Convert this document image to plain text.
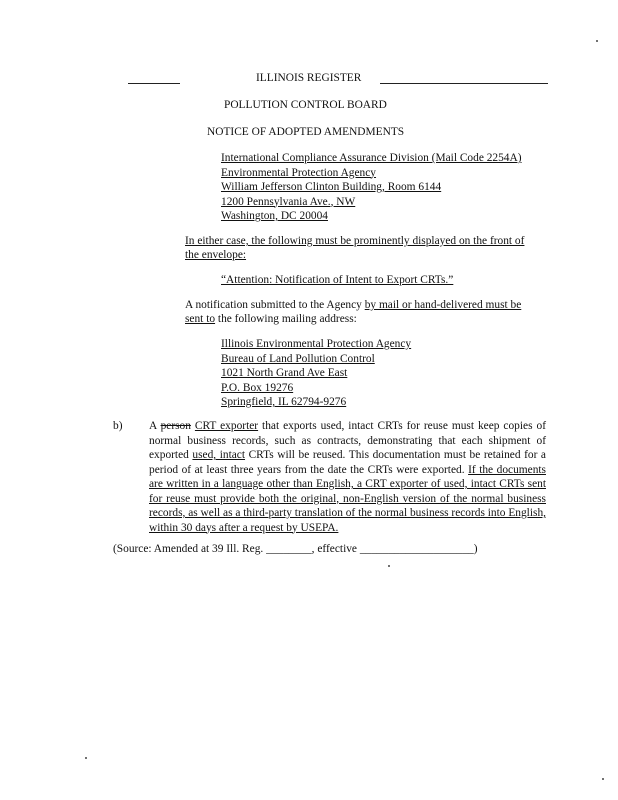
ILLINOIS REGISTER
POLLUTION CONTROL BOARD
NOTICE OF ADOPTED AMENDMENTS
International Compliance Assurance Division (Mail Code 2254A)
Environmental Protection Agency
William Jefferson Clinton Building, Room 6144
1200 Pennsylvania Ave., NW
Washington, DC 20004
In either case, the following must be prominently displayed on the front of
the envelope:
“Attention: Notification of Intent to Export CRTs.”
A notification submitted to the Agency by mail or hand-delivered must be
sent to the following mailing address:
Illinois Environmental Protection Agency
Bureau of Land Pollution Control
1021 North Grand Ave East
P.O. Box 19276
Springfield, IL 62794-9276
b) A person CRT exporter that exports used, intact CRTs for reuse must keep copies of normal business records, such as contracts, demonstrating that each shipment of exported used, intact CRTs will be reused. This documentation must be retained for a period of at least three years from the date the CRTs were exported. If the documents are written in a language other than English, a CRT exporter of used, intact CRTs sent for reuse must provide both the original, non-English version of the normal business records, as well as a third-party translation of the normal business records into English, within 30 days after a request by USEPA.

(Source: Amended at 39 Ill. Reg. ________, effective ____________________)
